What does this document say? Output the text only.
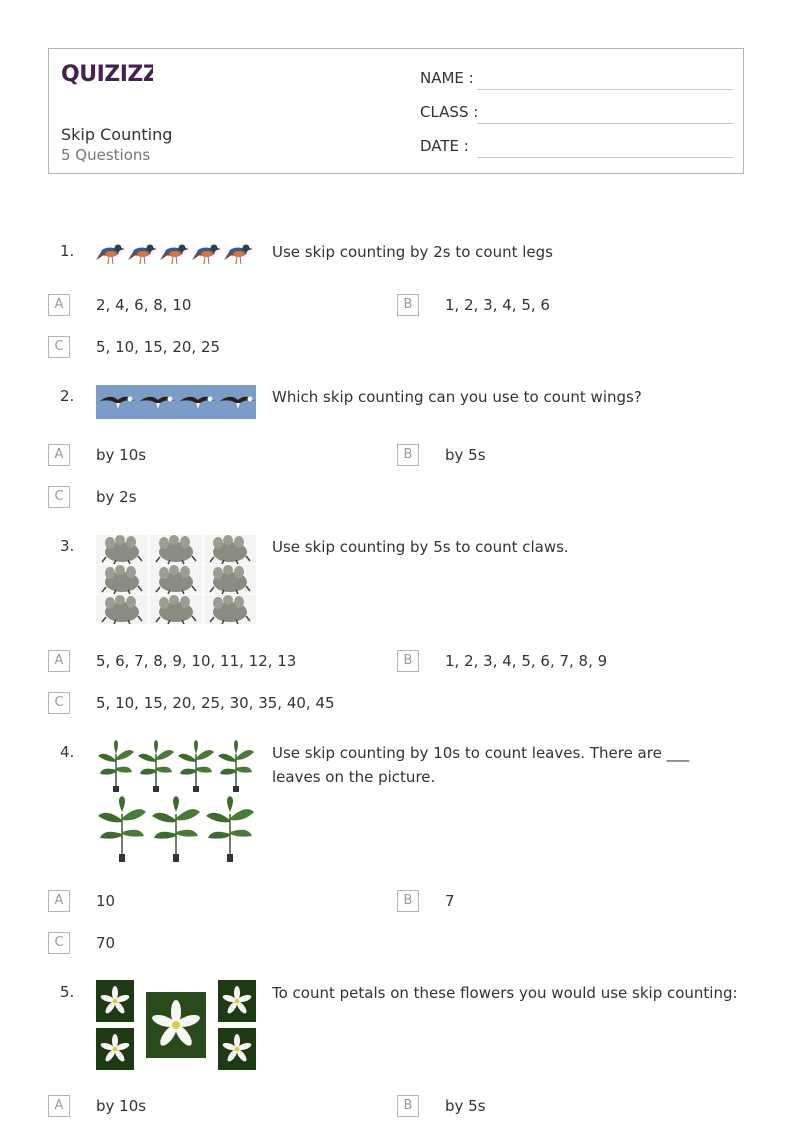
QUIZIZZ
Skip Counting
5 Questions
NAME :
CLASS :
DATE :
1.	Use skip counting by 2s to count legs
A	2, 4, 6, 8, 10	B	1, 2, 3, 4, 5, 6
C	5, 10, 15, 20, 25
2.	Which skip counting can you use to count wings?
A	by 10s	B	by 5s
C	by 2s
3.	Use skip counting by 5s to count claws.
A	5, 6, 7, 8, 9, 10, 11, 12, 13	B	1, 2, 3, 4, 5, 6, 7, 8, 9
C	5, 10, 15, 20, 25, 30, 35, 40, 45
4.	Use skip counting by 10s to count leaves. There are ___ leaves on the picture.
A	10	B	7
C	70
5.	To count petals on these flowers you would use skip counting:
A	by 10s	B	by 5s
